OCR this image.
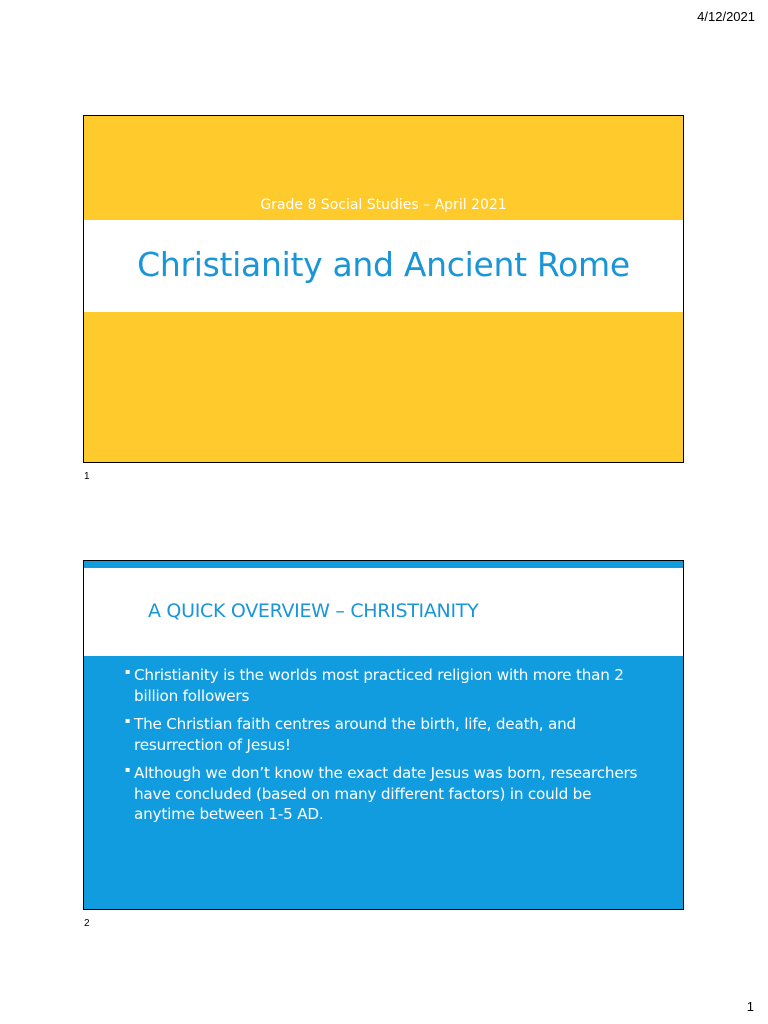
4/12/2021
Grade 8 Social Studies – April 2021
Christianity and Ancient Rome
1
A QUICK OVERVIEW – CHRISTIANITY
▪ Christianity is the worlds most practiced religion with more than 2 billion followers
▪ The Christian faith centres around the birth, life, death, and resurrection of Jesus!
▪ Although we don’t know the exact date Jesus was born, researchers have concluded (based on many different factors) in could be anytime between 1-5 AD.
2
1
